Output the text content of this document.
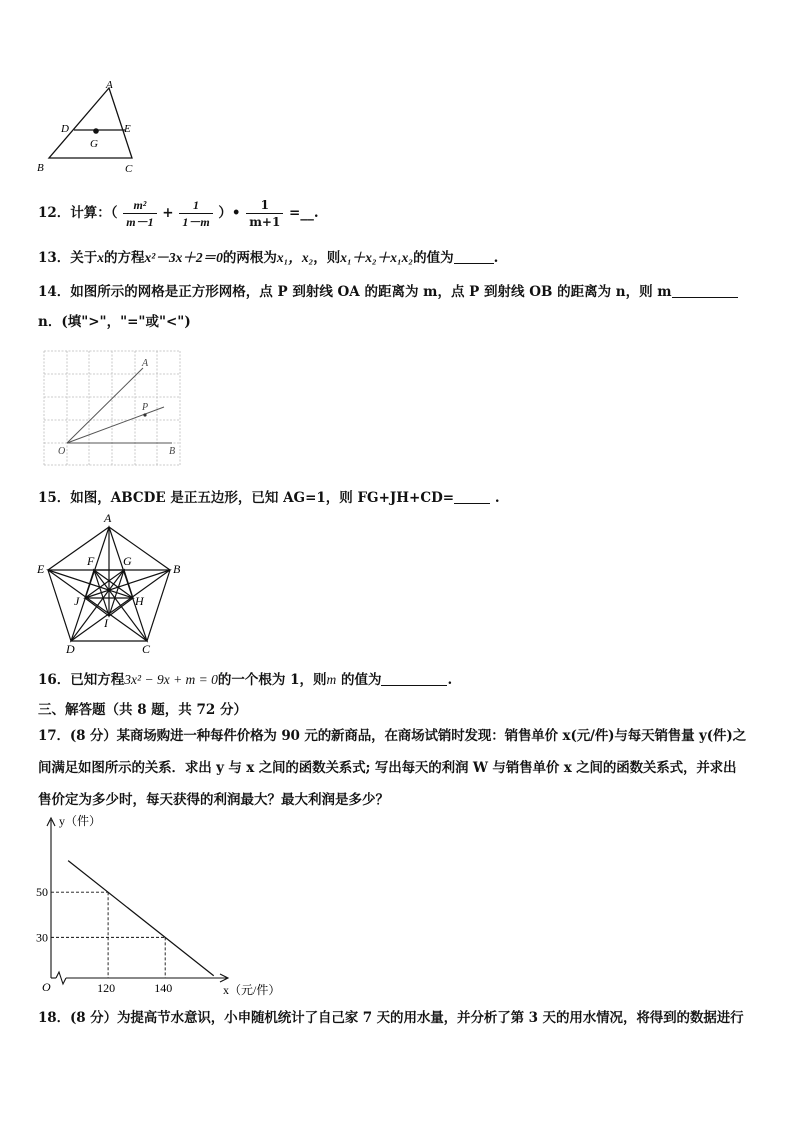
A
D	E
G
B	C
12．计算：（ $\frac{\text{m²}}{m-1} + \frac{1}{1-m}$ ）• $\frac{1}{m+1}$ =__.
13．关于x的方程x²－3x＋2＝0的两根为x₁，x₂，则x₁＋x₂＋x₁x₂的值为	.
14．如图所示的网格是正方形网格，点 P 到射线 OA 的距离为 m，点 P 到射线 OB 的距离为 n，则 m
n．(填">"，"="或"<")
A
P
O	B
15．如图，ABCDE 是正五边形，已知 AG=1，则 FG+JH+CD=	.
A
B
C
D
E
F G
H
I
J
16．已知方程3x² − 9x + m = 0的一个根为 1，则m 的值为	.
三、解答题（共 8 题，共 72 分）
17．(8 分）某商场购进一种每件价格为 90 元的新商品，在商场试销时发现：销售单价 x(元/件)与每天销售量 y(件)之
间满足如图所示的关系．求出 y 与 x 之间的函数关系式; 写出每天的利润 W 与销售单价 x 之间的函数关系式，并求出
售价定为多少时，每天获得的利润最大？最大利润是多少？
50
120
30
140
O
y（件）
x（元/件）
18．(8 分）为提高节水意识，小申随机统计了自己家 7 天的用水量，并分析了第 3 天的用水情况，将得到的数据进行
